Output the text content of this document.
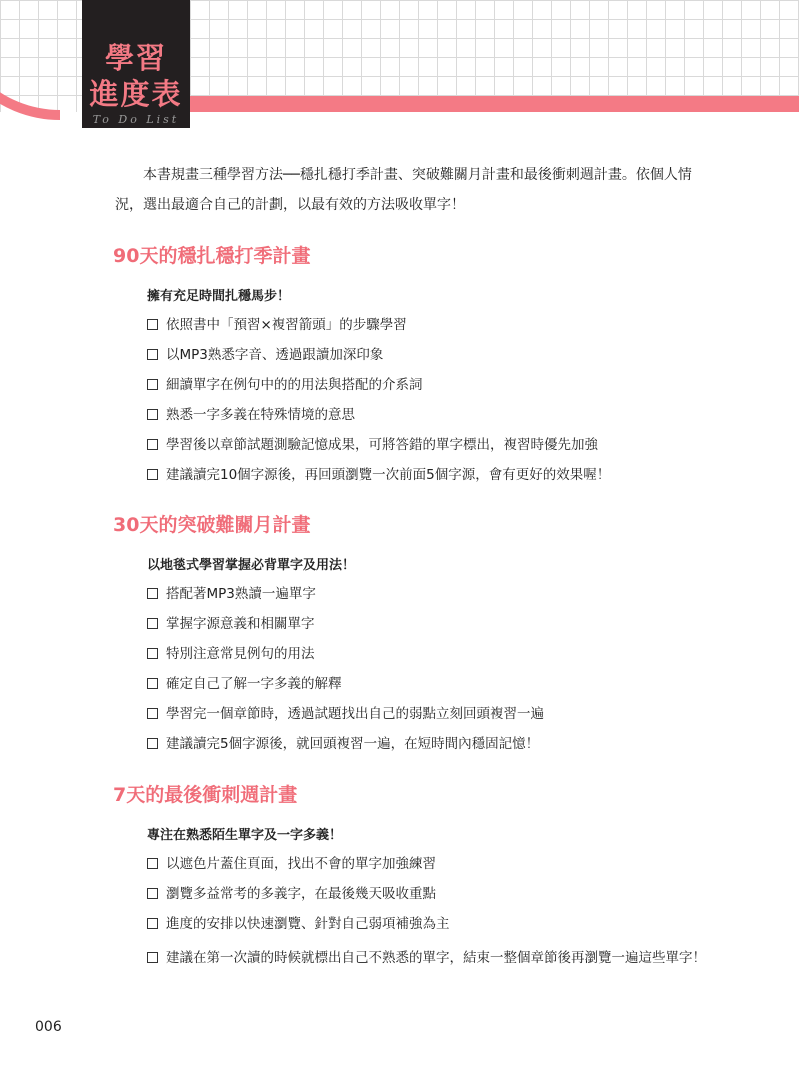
學習
進度表
To Do List

本書規畫三種學習方法──穩扎穩打季計畫、突破難關月計畫和最後衝刺週計畫。依個人情況，選出最適合自己的計劃，以最有效的方法吸收單字！

90天的穩扎穩打季計畫
擁有充足時間扎穩馬步！
依照書中「預習×複習箭頭」的步驟學習
以MP3熟悉字音、透過跟讀加深印象
細讀單字在例句中的的用法與搭配的介系詞
熟悉一字多義在特殊情境的意思
學習後以章節試題測驗記憶成果，可將答錯的單字標出，複習時優先加強
建議讀完10個字源後，再回頭瀏覽一次前面5個字源，會有更好的效果喔！
30天的突破難關月計畫
以地毯式學習掌握必背單字及用法！
搭配著MP3熟讀一遍單字
掌握字源意義和相關單字
特別注意常見例句的用法
確定自己了解一字多義的解釋
學習完一個章節時，透過試題找出自己的弱點立刻回頭複習一遍
建議讀完5個字源後，就回頭複習一遍，在短時間內穩固記憶！
7天的最後衝刺週計畫
專注在熟悉陌生單字及一字多義！
以遮色片蓋住頁面，找出不會的單字加強練習
瀏覽多益常考的多義字，在最後幾天吸收重點
進度的安排以快速瀏覽、針對自己弱項補強為主
建議在第一次讀的時候就標出自己不熟悉的單字，結束一整個章節後再瀏覽一遍這些單字！
006
